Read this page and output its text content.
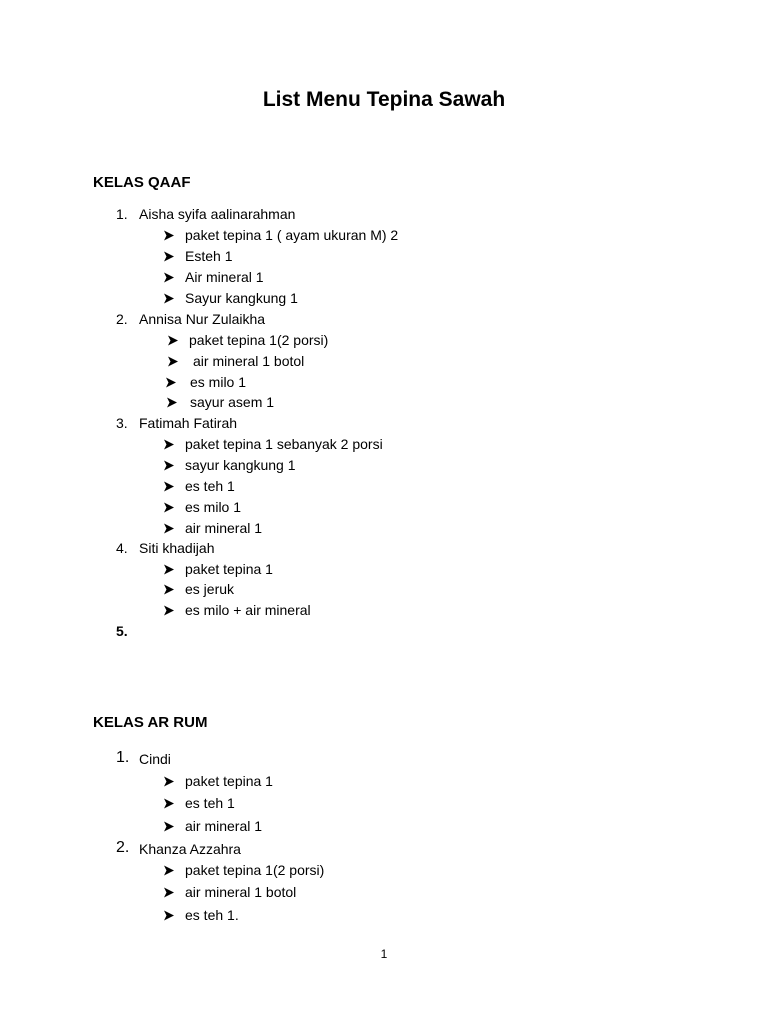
List Menu Tepina Sawah
KELAS QAAF
1. Aisha syifa aalinarahman
paket tepina 1 ( ayam ukuran M) 2
Esteh 1
Air mineral 1
Sayur kangkung 1
2. Annisa Nur Zulaikha
paket tepina 1(2 porsi)
air mineral 1 botol
es milo 1
sayur asem 1
3. Fatimah Fatirah
paket tepina 1 sebanyak 2 porsi
sayur kangkung 1
es teh 1
es milo 1
air mineral 1
4. Siti khadijah
paket tepina 1
es jeruk
es milo + air mineral
5.
KELAS AR RUM
1. Cindi
paket tepina 1
es teh 1
air mineral 1
2. Khanza Azzahra
paket tepina 1(2 porsi)
air mineral 1 botol
es teh 1.
1
